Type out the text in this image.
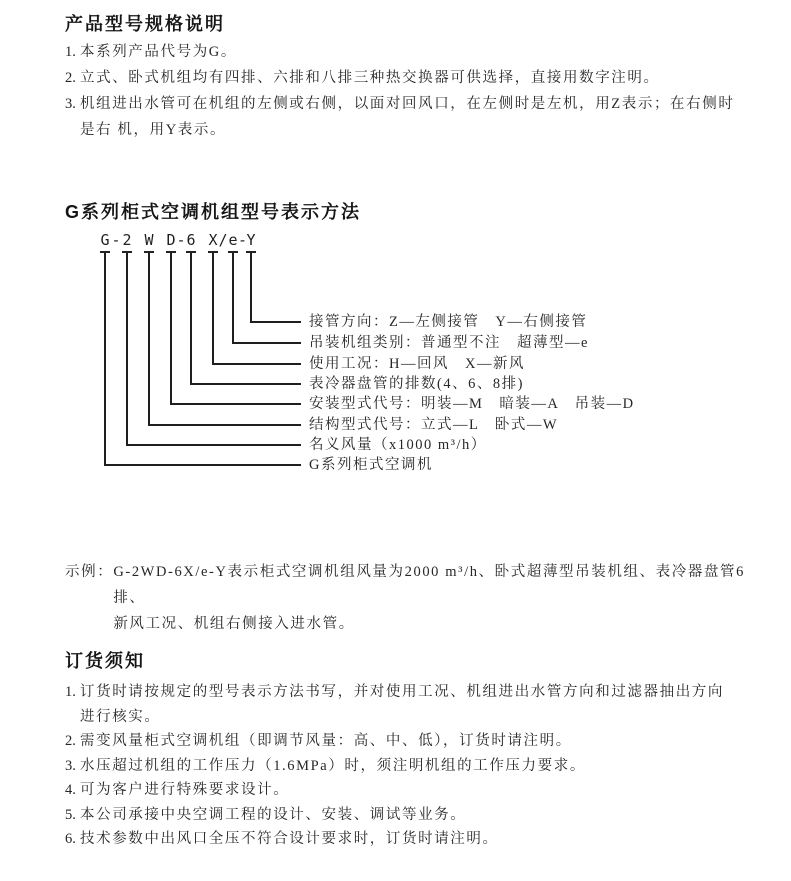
产品型号规格说明
1. 本系列产品代号为G。
2. 立式、卧式机组均有四排、六排和八排三种热交换器可供选择，直接用数字注明。
3. 机组进出水管可在机组的左侧或右侧，以面对回风口，在左侧时是左机，用Z表示；在右侧时
是右 机，用Y表示。
G系列柜式空调机组型号表示方法
G - 2
W
D - 6
X / e - Y
接管方向：Z—左侧接管　Y—右侧接管
吊装机组类别：普通型不注　超薄型—e
使用工况：H—回风　X—新风
表冷器盘管的排数(4、6、8排)
安装型式代号：明装—M　暗装—A　吊装—D
结构型式代号：立式—L　卧式—W
名义风量（x1000 m³/h）
G系列柜式空调机
示例： G-2WD-6X/e-Y表示柜式空调机组风量为2000 m³/h、卧式超薄型吊装机组、表冷器盘管6排、
新风工况、机组右侧接入进水管。
订货须知
1. 订货时请按规定的型号表示方法书写，并对使用工况、机组进出水管方向和过滤器抽出方向
进行核实。
2. 需变风量柜式空调机组（即调节风量：高、中、低），订货时请注明。
3. 水压超过机组的工作压力（1.6MPa）时，须注明机组的工作压力要求。
4. 可为客户进行特殊要求设计。
5. 本公司承接中央空调工程的设计、安装、调试等业务。
6. 技术参数中出风口全压不符合设计要求时，订货时请注明。
